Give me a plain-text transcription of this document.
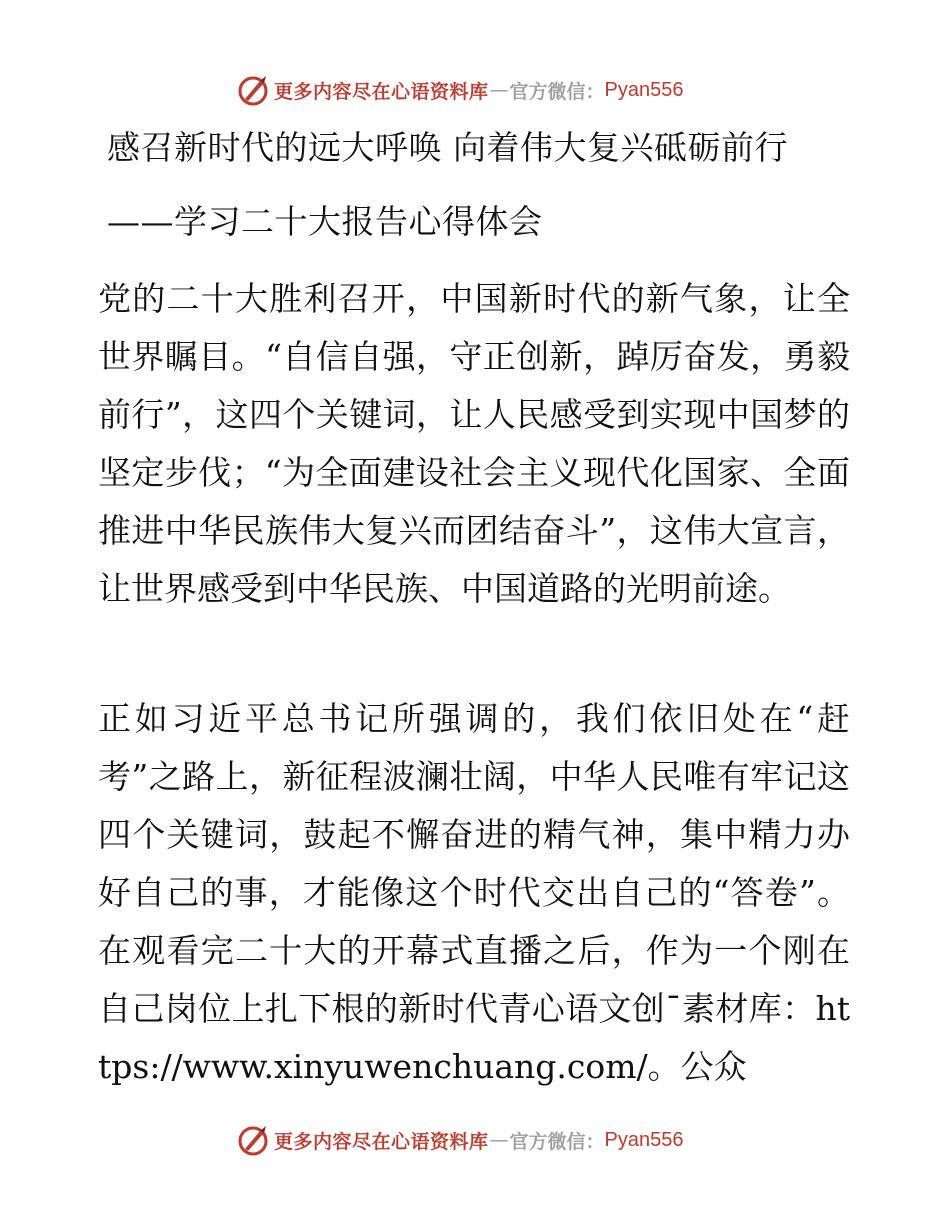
更多内容尽在心语资料库 — 官方微信： Pyan556
感召新时代的远大呼唤 向着伟大复兴砥砺前行
——学习二十大报告心得体会
党的二十大胜利召开，中国新时代的新气象，让全世界瞩目。“自信自强，守正创新，踔厉奋发，勇毅前行”，这四个关键词，让人民感受到实现中国梦的坚定步伐；“为全面建设社会主义现代化国家、全面推进中华民族伟大复兴而团结奋斗”，这伟大宣言，让世界感受到中华民族、中国道路的光明前途。
正如习近平总书记所强调的，我们依旧处在“赶考”之路上，新征程波澜壮阔，中华人民唯有牢记这四个关键词，鼓起不懈奋进的精气神，集中精力办好自己的事，才能像这个时代交出自己的“答卷”。在观看完二十大的开幕式直播之后，作为一个刚在自己岗位上扎下根的新时代青心语文创¯素材库：https://www.xinyuwenchuang.com/。公众
更多内容尽在心语资料库 — 官方微信： Pyan556
